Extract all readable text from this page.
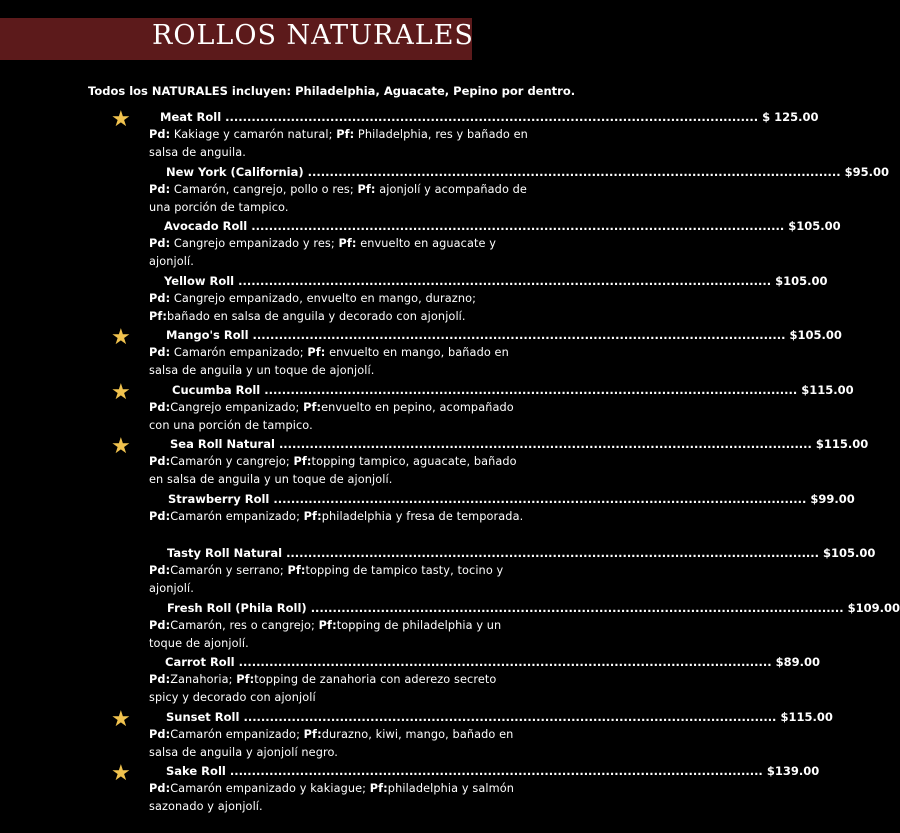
ROLLOS NATURALES
Todos los NATURALES incluyen: Philadelphia, Aguacate, Pepino por dentro.
★	Meat Roll .......................................................................................................................... $ 125.00
Pd: Kakiage y camarón natural; Pf: Philadelphia, res y bañado en salsa de anguila.
New York (California) .......................................................................................................................... $95.00
Pd: Camarón, cangrejo, pollo o res; Pf: ajonjolí y acompañado de una porción de tampico.
Avocado Roll .......................................................................................................................... $105.00
Pd: Cangrejo empanizado y res; Pf: envuelto en aguacate y ajonjolí.
Yellow Roll .......................................................................................................................... $105.00
Pd: Cangrejo empanizado, envuelto en mango, durazno; Pf:bañado en salsa de anguila y decorado con ajonjolí.
★	Mango's Roll .......................................................................................................................... $105.00
Pd: Camarón empanizado; Pf: envuelto en mango, bañado en salsa de anguila y un toque de ajonjolí.
★	Cucumba Roll .......................................................................................................................... $115.00
Pd:Cangrejo empanizado; Pf:envuelto en pepino, acompañado con una porción de tampico.
★	Sea Roll Natural .......................................................................................................................... $115.00
Pd:Camarón y cangrejo; Pf:topping tampico, aguacate, bañado en salsa de anguila y un toque de ajonjolí.
Strawberry Roll .......................................................................................................................... $99.00
Pd:Camarón empanizado; Pf:philadelphia y fresa de temporada.
Tasty Roll Natural .......................................................................................................................... $105.00
Pd:Camarón y serrano; Pf:topping de tampico tasty, tocino y ajonjolí.
Fresh Roll (Phila Roll) .......................................................................................................................... $109.00
Pd:Camarón, res o cangrejo; Pf:topping de philadelphia y un toque de ajonjolí.
Carrot Roll .......................................................................................................................... $89.00
Pd:Zanahoria; Pf:topping de zanahoria con aderezo secreto spicy y decorado con ajonjolí
★	Sunset Roll .......................................................................................................................... $115.00
Pd:Camarón empanizado; Pf:durazno, kiwi, mango, bañado en salsa de anguila y ajonjolí negro.
★	Sake Roll .......................................................................................................................... $139.00
Pd:Camarón empanizado y kakiague; Pf:philadelphia y salmón sazonado y ajonjolí.
